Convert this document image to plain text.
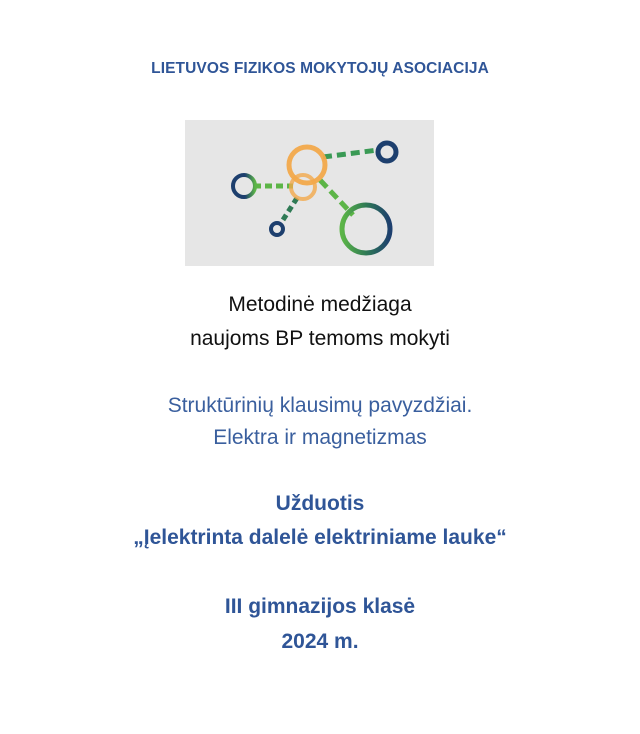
LIETUVOS FIZIKOS MOKYTOJŲ ASOCIACIJA
Metodinė medžiaga
naujoms BP temoms mokyti
Struktūrinių klausimų pavyzdžiai.
Elektra ir magnetizmas
Užduotis
„Įelektrinta dalelė elektriniame lauke“
III gimnazijos klasė
2024 m.
